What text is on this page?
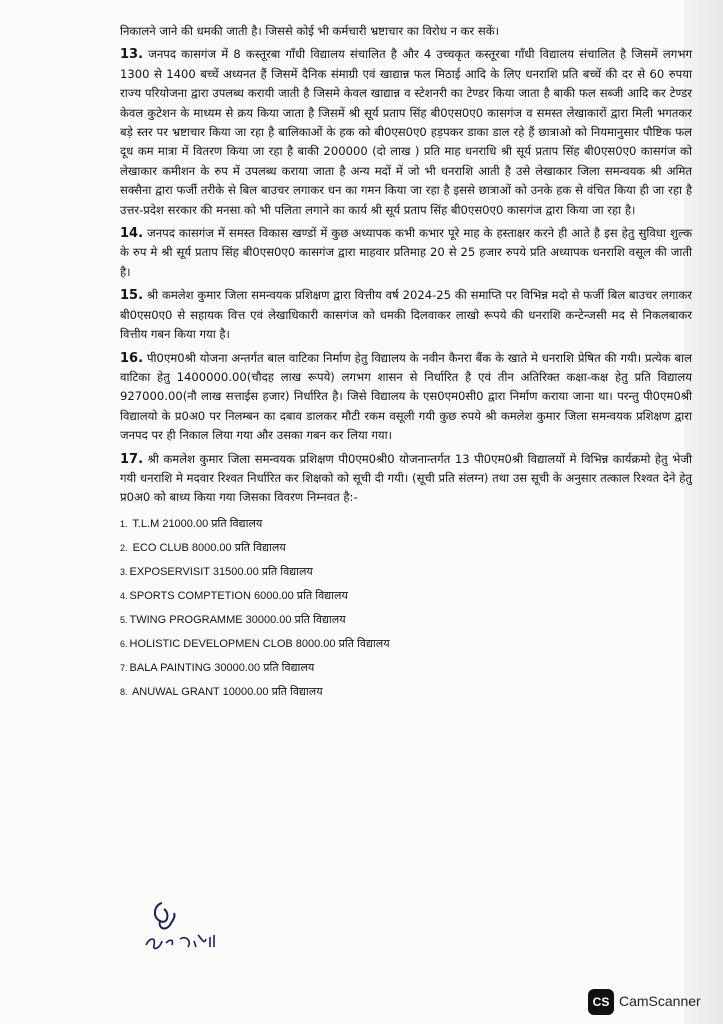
निकालने जाने की धमकी जाती है। जिससे कोई भी कर्मचारी भ्रष्टाचार का विरोध न कर सकें।

13. जनपद कासगंज में 8 कस्तूरबा गाँधी विद्यालय संचालित है और 4 उच्चकृत कस्तूरबा गाँधी विद्यालय संचालित है जिसमें लगभग 1300 से 1400 बच्चें अध्यनत हैं जिसमें दैनिक संमाग्री एवं खाद्यान्न फल मिठाई आदि के लिए धनराशि प्रति बच्चें की दर से 60 रुपया राज्य परियोजना द्वारा उपलब्ध करायी जाती है जिसमे केवल खाद्यान्न व स्टेशनरी का टेण्डर किया जाता है बाकी फल सब्जी आदि कर टेण्डर केवल कुटेशन के माध्यम से क्रय किया जाता है जिसमें श्री सूर्य प्रताप सिंह बी0एस0ए0 कासगंज व समस्त लेखाकारों द्वारा मिली भगतकर बड़े स्तर पर भ्रष्टाचार किया जा रहा है बालिकाओं के हक को बी0एस0ए0 हड़पकर डाका डाल रहे हैं छात्राओ को नियमानुसार पौष्टिक फल दूध कम मात्रा में वितरण किया जा रहा है बाकी 200000 (दो लाख ) प्रति माह धनराधि श्री सूर्य प्रताप सिंह बी0एस0ए0 कासगंज को लेखाकार कमीशन के रुप में उपलब्ध कराया जाता है अन्य मदों में जो भी धनराशि आती है उसे लेखाकार जिला समन्वयक श्री अमित सक्सैना द्वारा फर्जी तरीके से बिल बाउचर लगाकर धन का गमन किया जा रहा है इससे छात्राओं को उनके हक से वंचित किया ही जा रहा है उत्तर-प्रदेश सरकार की मनसा को भी पलिता लगाने का कार्य श्री सूर्य प्रताप सिंह बी0एस0ए0 कासगंज द्वारा किया जा रहा है।

14. जनपद कासगंज में समस्त विकास खण्डों में कुछ अध्यापक कभी कभार पूरे माह के हस्ताक्षर करने ही आते है इस हेतु सुविधा शुल्क के रुप मे श्री सूर्य प्रताप सिंह बी0एस0ए0 कासगंज द्वारा माहवार प्रतिमाह 20 से 25 हजार रुपये प्रति अध्यापक धनराशि वसूल की जाती है।

15. श्री कमलेश कुमार जिला समन्वयक प्रशिक्षण द्वारा वित्तीय वर्ष 2024-25 की समाप्ति पर विभिन्न मदो से फर्जी बिल बाउचर लगाकर बी0एस0ए0 से सहायक वित्त एवं लेखाधिकारी कासगंज को धमकी दिलवाकर लाखो रूपये की धनराशि कन्टेन्जसी मद से निकलबाकर वित्तीय गबन किया गया है।

16. पी0एम0श्री योजना अन्तर्गत बाल वाटिका निर्माण हेतु विद्यालय के नवीन कैनरा बैंक के खाते मे धनराशि प्रेषित की गयी। प्रत्येक बाल वाटिका हेतु 1400000.00(चौदह लाख रूपये) लगभग शासन से निर्धारित है एवं तीन अतिरिक्त कक्षा-कक्ष हेतु प्रति विद्यालय 927000.00(नौ लाख सत्ताईस हजार) निर्धारित है। जिसे विद्यालय के एस0एम0सी0 द्वारा निर्माण कराया जाना था। परन्तु पी0एम0श्री विद्यालयो के प्र0अ0 पर निलम्बन का दबाव डालकर मौटी रकम वसूली गयी कुछ रुपये श्री कमलेश कुमार जिला समन्वयक प्रशिक्षण द्वारा जनपद पर ही निकाल लिया गया और उसका गबन कर लिया गया।

17. श्री कमलेश कुमार जिला समन्वयक प्रशिक्षण पी0एम0श्री0 योजनान्तर्गत 13 पी0एम0श्री विद्यालयों मे विभिन्न कार्यक्रमो हेतु भेजी गयी धनराशि मे मदवार रिश्वत निर्धारित कर शिक्षको को सूची दी गयी। (सूची प्रति संलग्न) तथा उस सूची के अनुसार तत्काल रिश्वत देने हेतु प्र0अ0 को बाध्य किया गया जिसका विवरण निम्नवत है:-

1. T.L.M 21000.00 प्रति विद्यालय
2. ECO CLUB 8000.00 प्रति विद्यालय
3. EXPOSERVISIT 31500.00 प्रति विद्यालय
4. SPORTS COMPTETION 6000.00 प्रति विद्यालय
5. TWING PROGRAMME 30000.00 प्रति विद्यालय
6. HOLISTIC DEVELOPMEN CLOB 8000.00 प्रति विद्यालय
7. BALA PAINTING 30000.00 प्रति विद्यालय
8. ANUWAL GRANT 10000.00 प्रति विद्यालय
CS CamScanner
